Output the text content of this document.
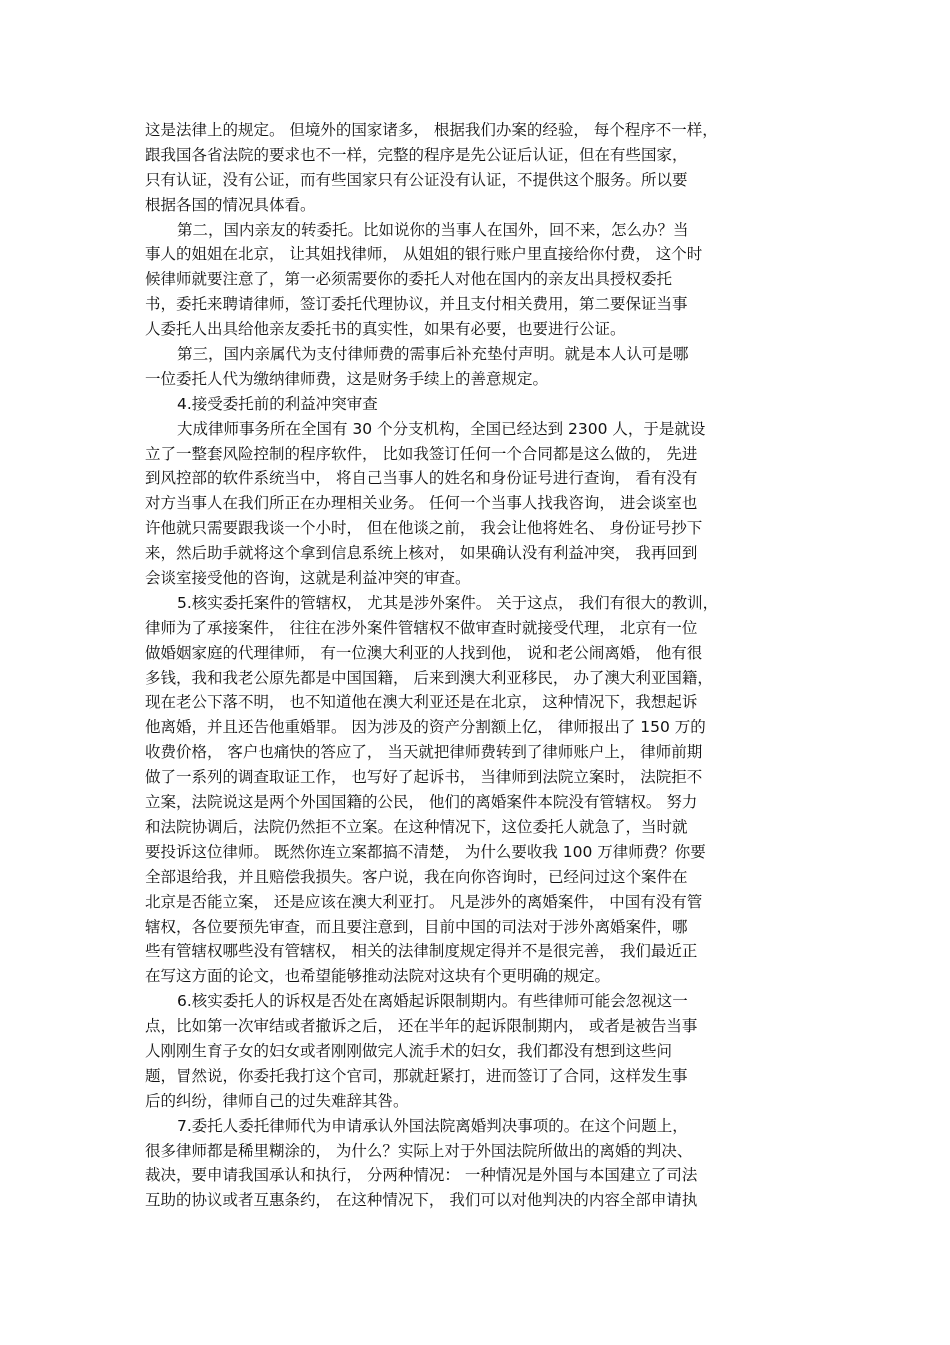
这是法律上的规定。 但境外的国家诸多， 根据我们办案的经验， 每个程序不一样，
跟我国各省法院的要求也不一样，完整的程序是先公证后认证，但在有些国家，
只有认证，没有公证，而有些国家只有公证没有认证，不提供这个服务。所以要
根据各国的情况具体看。
第二，国内亲友的转委托。比如说你的当事人在国外，回不来，怎么办？当
事人的姐姐在北京， 让其姐找律师， 从姐姐的银行账户里直接给你付费， 这个时
候律师就要注意了，第一必须需要你的委托人对他在国内的亲友出具授权委托
书，委托来聘请律师，签订委托代理协议，并且支付相关费用，第二要保证当事
人委托人出具给他亲友委托书的真实性，如果有必要，也要进行公证。
第三，国内亲属代为支付律师费的需事后补充垫付声明。就是本人认可是哪
一位委托人代为缴纳律师费，这是财务手续上的善意规定。
4.接受委托前的利益冲突审查
大成律师事务所在全国有 30 个分支机构，全国已经达到 2300 人，于是就设
立了一整套风险控制的程序软件， 比如我签订任何一个合同都是这么做的， 先进
到风控部的软件系统当中， 将自己当事人的姓名和身份证号进行查询， 看有没有
对方当事人在我们所正在办理相关业务。 任何一个当事人找我咨询， 进会谈室也
许他就只需要跟我谈一个小时， 但在他谈之前， 我会让他将姓名、 身份证号抄下
来，然后助手就将这个拿到信息系统上核对， 如果确认没有利益冲突， 我再回到
会谈室接受他的咨询，这就是利益冲突的审查。
5.核实委托案件的管辖权， 尤其是涉外案件。 关于这点， 我们有很大的教训，
律师为了承接案件， 往往在涉外案件管辖权不做审查时就接受代理， 北京有一位
做婚姻家庭的代理律师， 有一位澳大利亚的人找到他， 说和老公闹离婚， 他有很
多钱，我和我老公原先都是中国国籍， 后来到澳大利亚移民， 办了澳大利亚国籍，
现在老公下落不明， 也不知道他在澳大利亚还是在北京， 这种情况下，我想起诉
他离婚，并且还告他重婚罪。 因为涉及的资产分割额上亿， 律师报出了 150 万的
收费价格， 客户也痛快的答应了， 当天就把律师费转到了律师账户上， 律师前期
做了一系列的调查取证工作， 也写好了起诉书， 当律师到法院立案时， 法院拒不
立案，法院说这是两个外国国籍的公民， 他们的离婚案件本院没有管辖权。 努力
和法院协调后，法院仍然拒不立案。在这种情况下，这位委托人就急了，当时就
要投诉这位律师。 既然你连立案都搞不清楚， 为什么要收我 100 万律师费？你要
全部退给我，并且赔偿我损失。客户说，我在向你咨询时，已经问过这个案件在
北京是否能立案， 还是应该在澳大利亚打。 凡是涉外的离婚案件， 中国有没有管
辖权，各位要预先审查，而且要注意到，目前中国的司法对于涉外离婚案件，哪
些有管辖权哪些没有管辖权， 相关的法律制度规定得并不是很完善， 我们最近正
在写这方面的论文，也希望能够推动法院对这块有个更明确的规定。
6.核实委托人的诉权是否处在离婚起诉限制期内。有些律师可能会忽视这一
点，比如第一次审结或者撤诉之后， 还在半年的起诉限制期内， 或者是被告当事
人刚刚生育子女的妇女或者刚刚做完人流手术的妇女，我们都没有想到这些问
题，冒然说，你委托我打这个官司，那就赶紧打，进而签订了合同，这样发生事
后的纠纷，律师自己的过失难辞其咎。
7.委托人委托律师代为申请承认外国法院离婚判决事项的。在这个问题上，
很多律师都是稀里糊涂的， 为什么？实际上对于外国法院所做出的离婚的判决、
裁决，要申请我国承认和执行， 分两种情况： 一种情况是外国与本国建立了司法
互助的协议或者互惠条约， 在这种情况下， 我们可以对他判决的内容全部申请执
